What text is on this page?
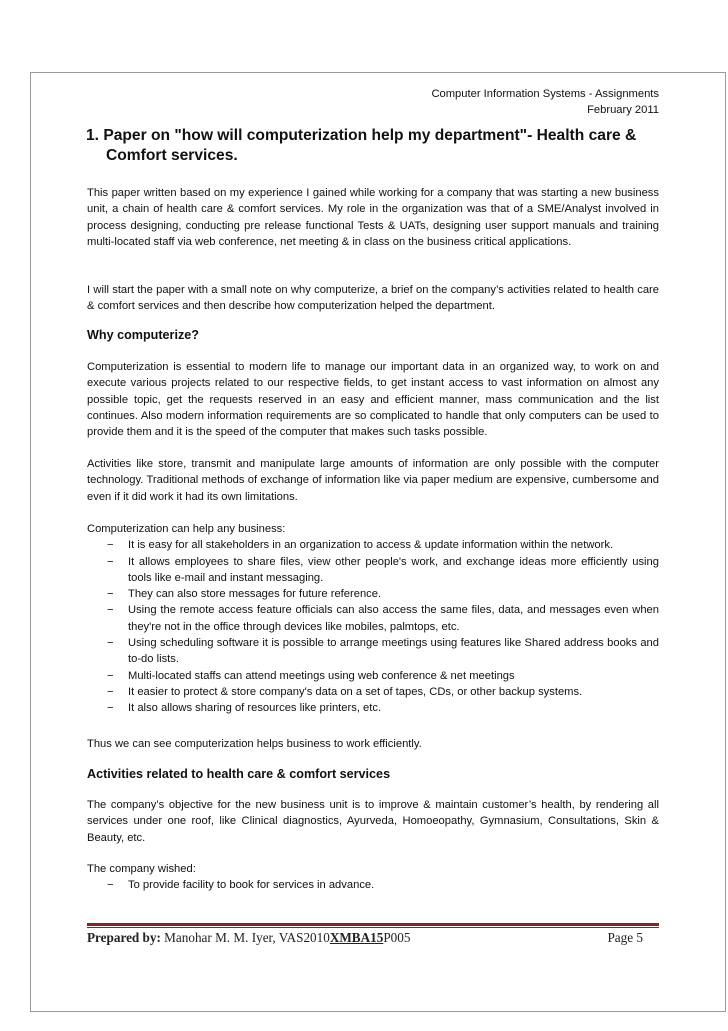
Computer Information Systems - Assignments
February 2011
1. Paper on "how will computerization help my department"- Health care & Comfort services.

This paper written based on my experience I gained while working for a company that was starting a new business unit, a chain of health care & comfort services. My role in the organization was that of a SME/Analyst involved in process designing, conducting pre release functional Tests & UATs, designing user support manuals and training multi-located staff via web conference, net meeting & in class on the business critical applications.

I will start the paper with a small note on why computerize, a brief on the company’s activities related to health care & comfort services and then describe how computerization helped the department.

Why computerize?

Computerization is essential to modern life to manage our important data in an organized way, to work on and execute various projects related to our respective fields, to get instant access to vast information on almost any possible topic, get the requests reserved in an easy and efficient manner, mass communication and the list continues. Also modern information requirements are so complicated to handle that only computers can be used to provide them and it is the speed of the computer that makes such tasks possible.

Activities like store, transmit and manipulate large amounts of information are only possible with the computer technology. Traditional methods of exchange of information like via paper medium are expensive, cumbersome and even if it did work it had its own limitations.

Computerization can help any business:

− It is easy for all stakeholders in an organization to access & update information within the network.
− It allows employees to share files, view other people's work, and exchange ideas more efficiently using tools like e-mail and instant messaging.
− They can also store messages for future reference.
− Using the remote access feature officials can also access the same files, data, and messages even when they're not in the office through devices like mobiles, palmtops, etc.
− Using scheduling software it is possible to arrange meetings using features like Shared address books and to-do lists.
− Multi-located staffs can attend meetings using web conference & net meetings
− It easier to protect & store company's data on a set of tapes, CDs, or other backup systems.
− It also allows sharing of resources like printers, etc.

Thus we can see computerization helps business to work efficiently.

Activities related to health care & comfort services

The company’s objective for the new business unit is to improve & maintain customer’s health, by rendering all services under one roof, like Clinical diagnostics, Ayurveda, Homoeopathy, Gymnasium, Consultations, Skin & Beauty, etc.

The company wished:

− To provide facility to book for services in advance.
Prepared by: Manohar M. M. Iyer, VAS2010XMBA15P005	Page 5
